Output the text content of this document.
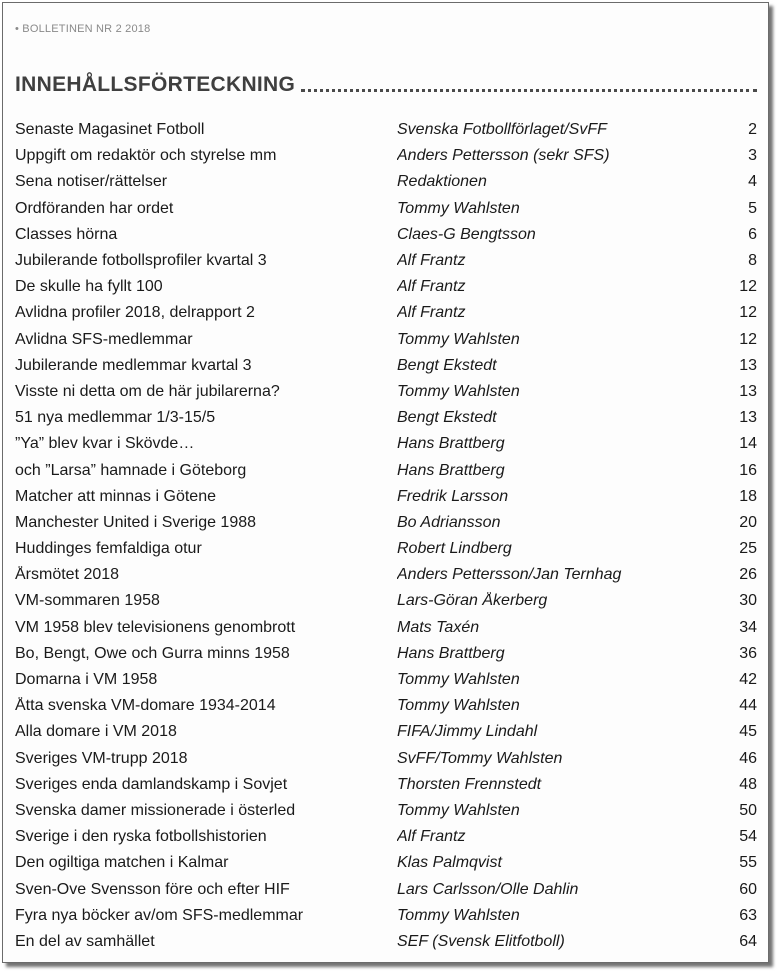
• BOLLETINEN NR 2 2018
INNEHÅLLSFÖRTECKNING
Senaste Magasinet Fotboll	Svenska Fotbollförlaget/SvFF	2
Uppgift om redaktör och styrelse mm	Anders Pettersson (sekr SFS)	3
Sena notiser/rättelser	Redaktionen	4
Ordföranden har ordet	Tommy Wahlsten	5
Classes hörna	Claes-G Bengtsson	6
Jubilerande fotbollsprofiler kvartal 3	Alf Frantz	8
De skulle ha fyllt 100	Alf Frantz	12
Avlidna profiler 2018, delrapport 2	Alf Frantz	12
Avlidna SFS-medlemmar	Tommy Wahlsten	12
Jubilerande medlemmar kvartal 3	Bengt Ekstedt	13
Visste ni detta om de här jubilarerna?	Tommy Wahlsten	13
51 nya medlemmar 1/3-15/5	Bengt Ekstedt	13
”Ya” blev kvar i Skövde…	Hans Brattberg	14
och ”Larsa” hamnade i Göteborg	Hans Brattberg	16
Matcher att minnas i Götene	Fredrik Larsson	18
Manchester United i Sverige 1988	Bo Adriansson	20
Huddinges femfaldiga otur	Robert Lindberg	25
Årsmötet 2018	Anders Pettersson/Jan Ternhag	26
VM-sommaren 1958	Lars-Göran Åkerberg	30
VM 1958 blev televisionens genombrott	Mats Taxén	34
Bo, Bengt, Owe och Gurra minns 1958	Hans Brattberg	36
Domarna i VM 1958	Tommy Wahlsten	42
Åtta svenska VM-domare 1934-2014	Tommy Wahlsten	44
Alla domare i VM 2018	FIFA/Jimmy Lindahl	45
Sveriges VM-trupp 2018	SvFF/Tommy Wahlsten	46
Sveriges enda damlandskamp i Sovjet	Thorsten Frennstedt	48
Svenska damer missionerade i österled	Tommy Wahlsten	50
Sverige i den ryska fotbollshistorien	Alf Frantz	54
Den ogiltiga matchen i Kalmar	Klas Palmqvist	55
Sven-Ove Svensson före och efter HIF	Lars Carlsson/Olle Dahlin	60
Fyra nya böcker av/om SFS-medlemmar	Tommy Wahlsten	63
En del av samhället	SEF (Svensk Elitfotboll)	64
